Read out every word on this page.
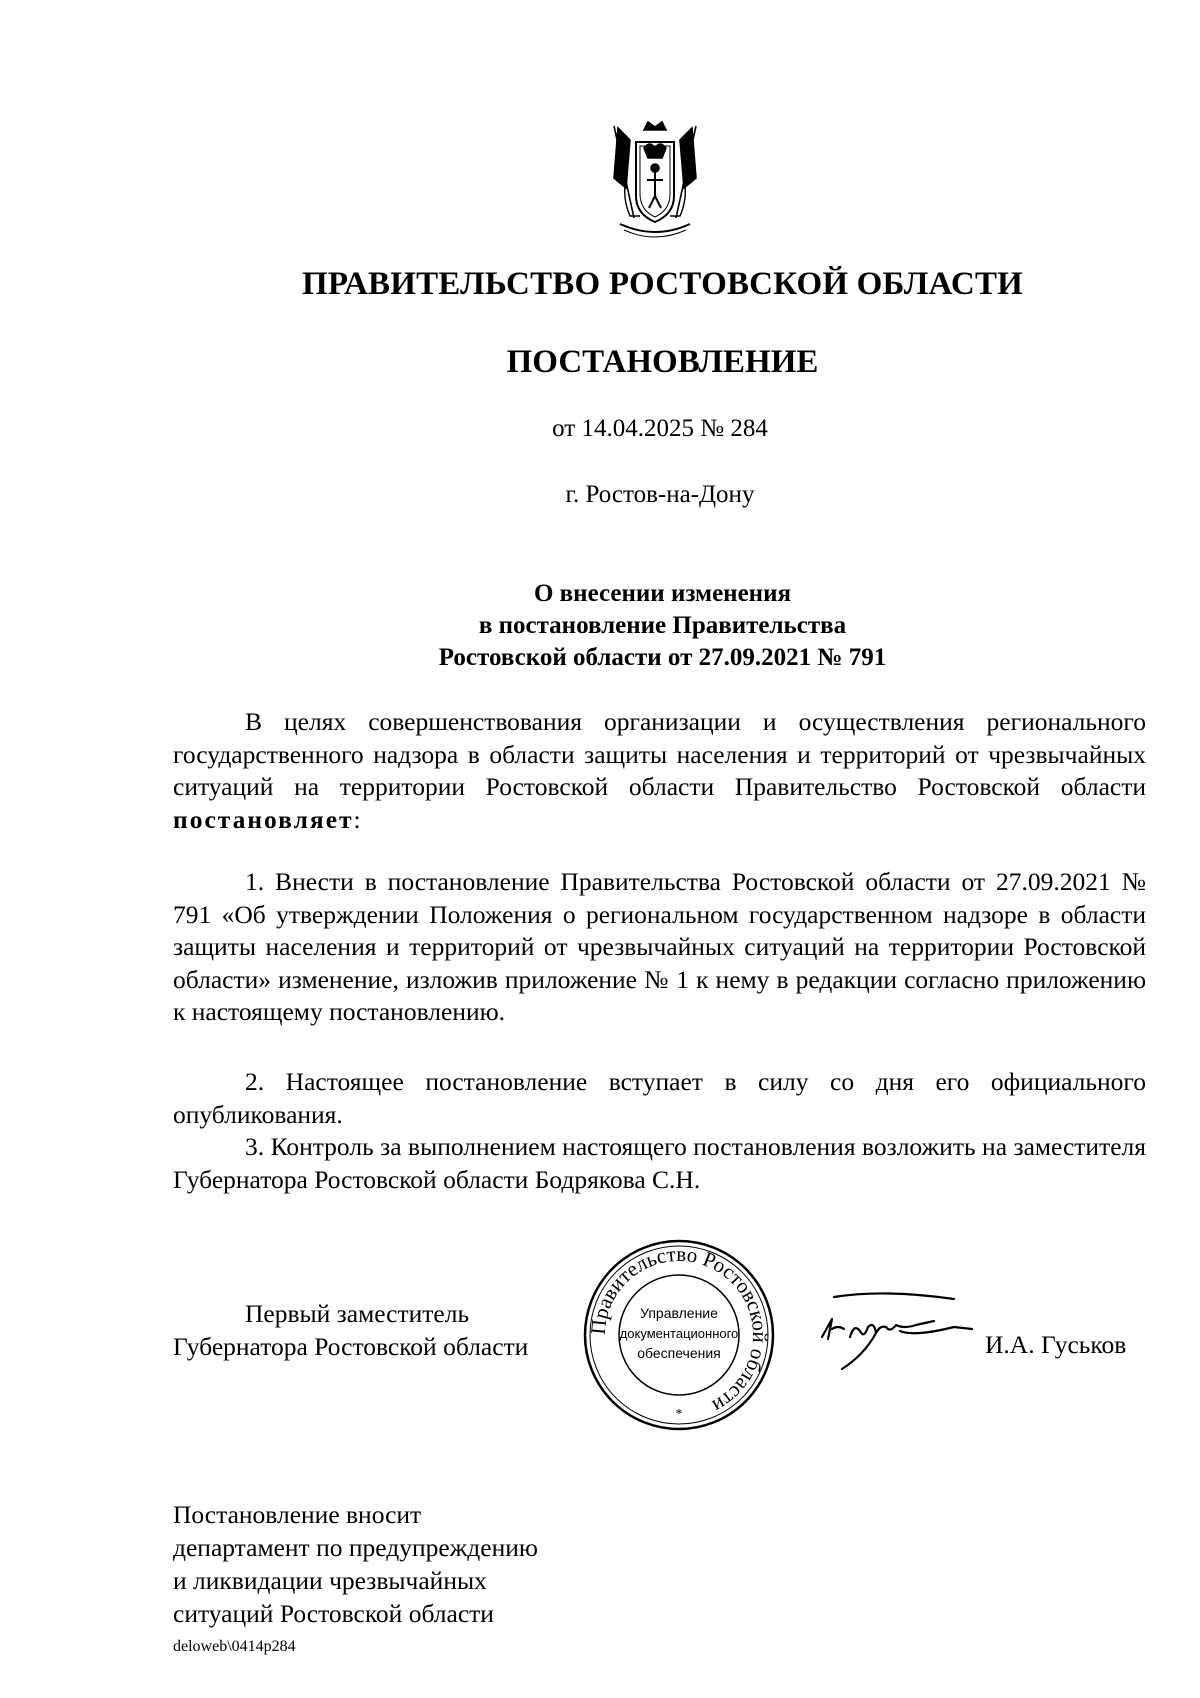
ПРАВИТЕЛЬСТВО РОСТОВСКОЙ ОБЛАСТИ
ПОСТАНОВЛЕНИЕ
от 14.04.2025 № 284
г. Ростов-на-Дону
О внесении изменения
в постановление Правительства
Ростовской области от 27.09.2021 № 791

В целях совершенствования организации и осуществления регионального государственного надзора в области защиты населения и территорий от чрезвычайных ситуаций на территории Ростовской области Правительство Ростовской области постановляет:

1. Внести в постановление Правительства Ростовской области от 27.09.2021 № 791 «Об утверждении Положения о региональном государственном надзоре в области защиты населения и территорий от чрезвычайных ситуаций на территории Ростовской области» изменение, изложив приложение № 1 к нему в редакции согласно приложению к настоящему постановлению.

2. Настоящее постановление вступает в силу со дня его официального опубликования.

3. Контроль за выполнением настоящего постановления возложить на заместителя Губернатора Ростовской области Бодрякова С.Н.

Первый заместитель
Губернатора Ростовской области
Правительство Ростовской области
Управление
документационного
обеспечения
*
И.А. Гуськов
Постановление вносит
департамент по предупреждению
и ликвидации чрезвычайных
ситуаций Ростовской области
deloweb\0414p284
